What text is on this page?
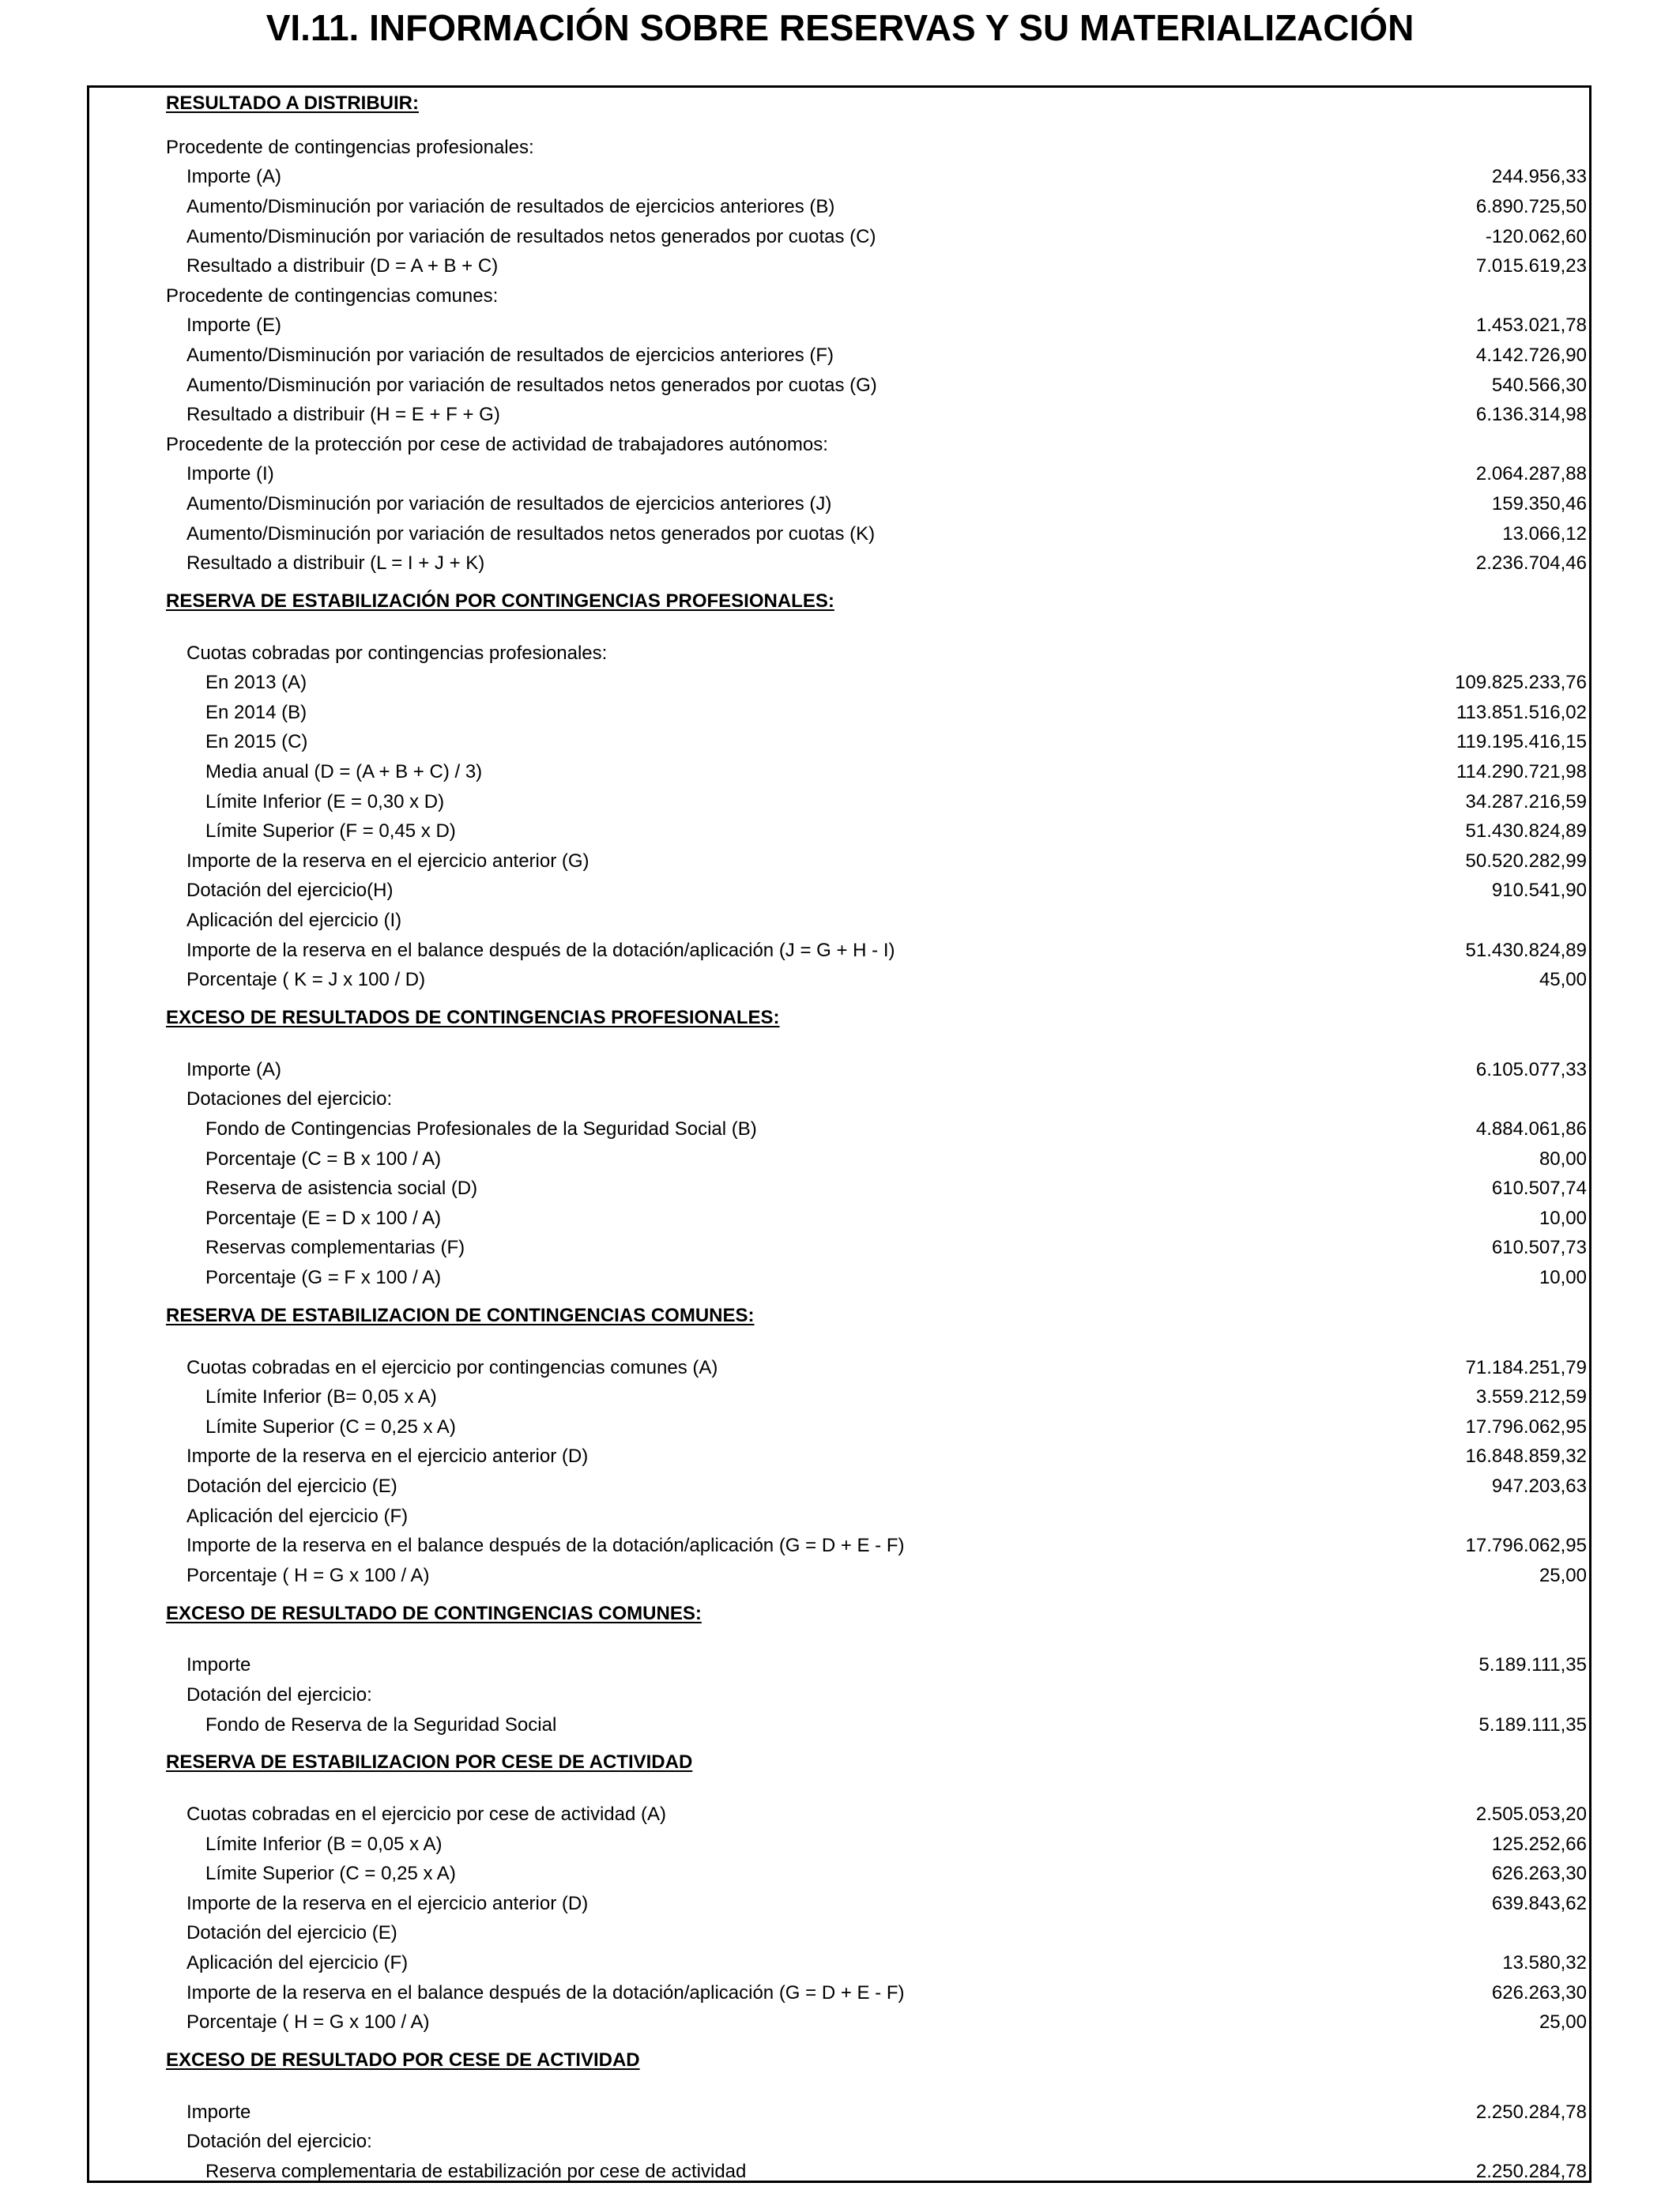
VI.11. INFORMACIÓN SOBRE RESERVAS Y SU MATERIALIZACIÓN
RESULTADO A DISTRIBUIR:
Procedente de contingencias profesionales:
Importe (A)	244.956,33
Aumento/Disminución por variación de resultados de ejercicios anteriores (B)	6.890.725,50
Aumento/Disminución por variación de resultados netos generados por cuotas (C)	-120.062,60
Resultado a distribuir (D = A + B + C)	7.015.619,23
Procedente de contingencias comunes:
Importe (E)	1.453.021,78
Aumento/Disminución por variación de resultados de ejercicios anteriores (F)	4.142.726,90
Aumento/Disminución por variación de resultados netos generados por cuotas (G)	540.566,30
Resultado a distribuir (H = E + F + G)	6.136.314,98
Procedente de la protección por cese de actividad de trabajadores autónomos:
Importe (I)	2.064.287,88
Aumento/Disminución por variación de resultados de ejercicios anteriores (J)	159.350,46
Aumento/Disminución por variación de resultados netos generados por cuotas (K)	13.066,12
Resultado a distribuir (L = I + J + K)	2.236.704,46
RESERVA DE ESTABILIZACIÓN POR CONTINGENCIAS PROFESIONALES:
Cuotas cobradas por contingencias profesionales:
En 2013 (A)	109.825.233,76
En 2014 (B)	113.851.516,02
En 2015 (C)	119.195.416,15
Media anual (D = (A + B + C) / 3)	114.290.721,98
Límite Inferior (E = 0,30 x D)	34.287.216,59
Límite Superior (F = 0,45 x D)	51.430.824,89
Importe de la reserva en el ejercicio anterior (G)	50.520.282,99
Dotación del ejercicio(H)	910.541,90
Aplicación del ejercicio (I)
Importe de la reserva en el balance después de la dotación/aplicación (J = G + H - I)	51.430.824,89
Porcentaje ( K = J x 100 / D)	45,00
EXCESO DE RESULTADOS DE CONTINGENCIAS PROFESIONALES:
Importe (A)	6.105.077,33
Dotaciones del ejercicio:
Fondo de Contingencias Profesionales de la Seguridad Social (B)	4.884.061,86
Porcentaje (C = B x 100 / A)	80,00
Reserva de asistencia social (D)	610.507,74
Porcentaje (E = D x 100 / A)	10,00
Reservas complementarias (F)	610.507,73
Porcentaje (G = F x 100 / A)	10,00
RESERVA DE ESTABILIZACION DE CONTINGENCIAS COMUNES:
Cuotas cobradas en el ejercicio por contingencias comunes (A)	71.184.251,79
Límite Inferior (B= 0,05 x A)	3.559.212,59
Límite Superior (C = 0,25 x A)	17.796.062,95
Importe de la reserva en el ejercicio anterior (D)	16.848.859,32
Dotación del ejercicio (E)	947.203,63
Aplicación del ejercicio (F)
Importe de la reserva en el balance después de la dotación/aplicación (G = D + E - F)	17.796.062,95
Porcentaje ( H = G x 100 / A)	25,00
EXCESO DE RESULTADO DE CONTINGENCIAS COMUNES:
Importe	5.189.111,35
Dotación del ejercicio:
Fondo de Reserva de la Seguridad Social	5.189.111,35
RESERVA DE ESTABILIZACION POR CESE DE ACTIVIDAD
Cuotas cobradas en el ejercicio por cese de actividad (A)	2.505.053,20
Límite Inferior (B = 0,05 x A)	125.252,66
Límite Superior (C = 0,25 x A)	626.263,30
Importe de la reserva en el ejercicio anterior (D)	639.843,62
Dotación del ejercicio (E)
Aplicación del ejercicio (F)	13.580,32
Importe de la reserva en el balance después de la dotación/aplicación (G = D + E - F)	626.263,30
Porcentaje ( H = G x 100 / A)	25,00
EXCESO DE RESULTADO POR CESE DE ACTIVIDAD
Importe	2.250.284,78
Dotación del ejercicio:
Reserva complementaria de estabilización por cese de actividad	2.250.284,78
